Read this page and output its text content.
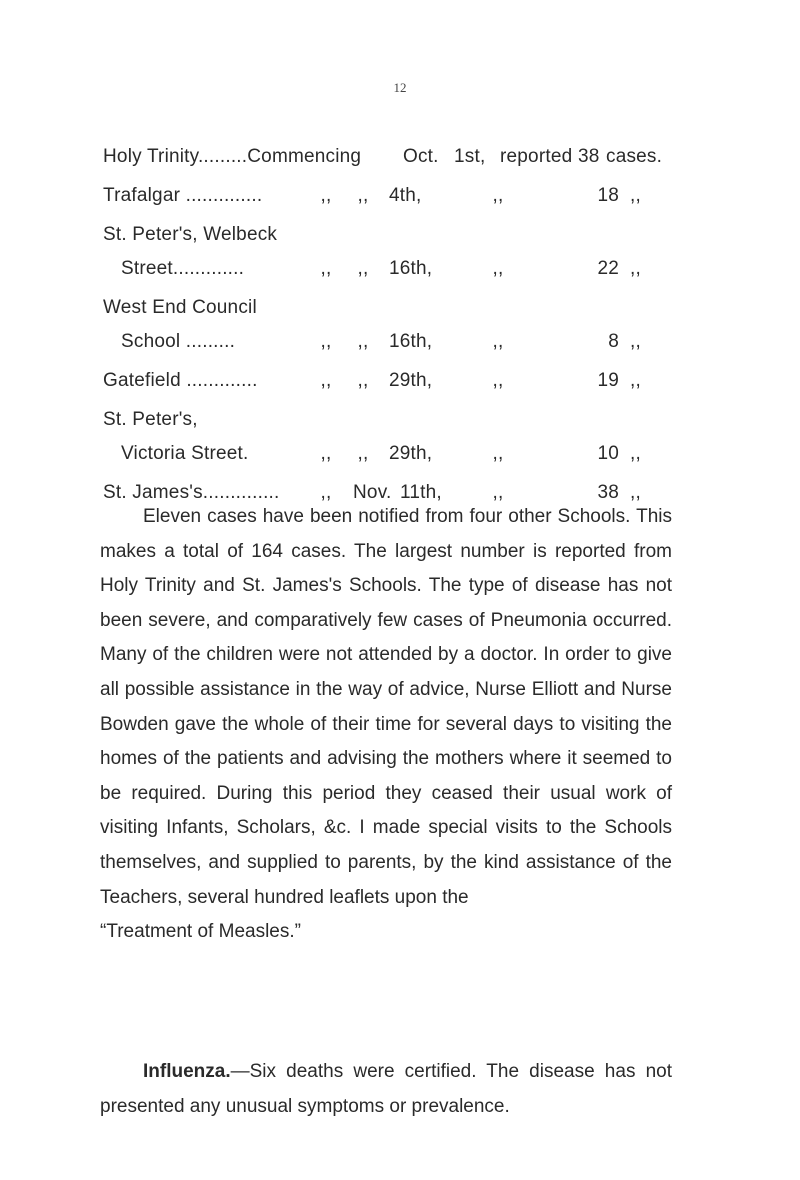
12
Holy Trinity.........Commencing Oct. 1st, reported 38 cases.
Trafalgar ..............	,,	,,	4th,	,,	18 ,,
St. Peter's, Welbeck
Street.............	,,	,,	16th,	,,	22 ,,
West End Council
School .........	,,	,,	16th,	,,	8 ,,
Gatefield .............	,,	,,	29th,	,,	19 ,,
St. Peter's,
Victoria Street.	,,	,,	29th,	,,	10 ,,
St. James's..............	,,	Nov. 11th,	,,	38 ,,

Eleven cases have been notified from four other Schools. This makes a total of 164 cases. The largest number is reported from Holy Trinity and St. James's Schools. The type of disease has not been severe, and comparatively few cases of Pneumonia occurred. Many of the children were not attended by a doctor. In order to give all possible assistance in the way of advice, Nurse Elliott and Nurse Bowden gave the whole of their time for several days to visiting the homes of the patients and advising the mothers where it seemed to be required. During this period they ceased their usual work of visiting Infants, Scholars, &c. I made special visits to the Schools themselves, and supplied to parents, by the kind assistance of the Teachers, several hundred leaflets upon the

“Treatment of Measles.”
Influenza.—Six deaths were certified. The disease has not presented any unusual symptoms or prevalence.
